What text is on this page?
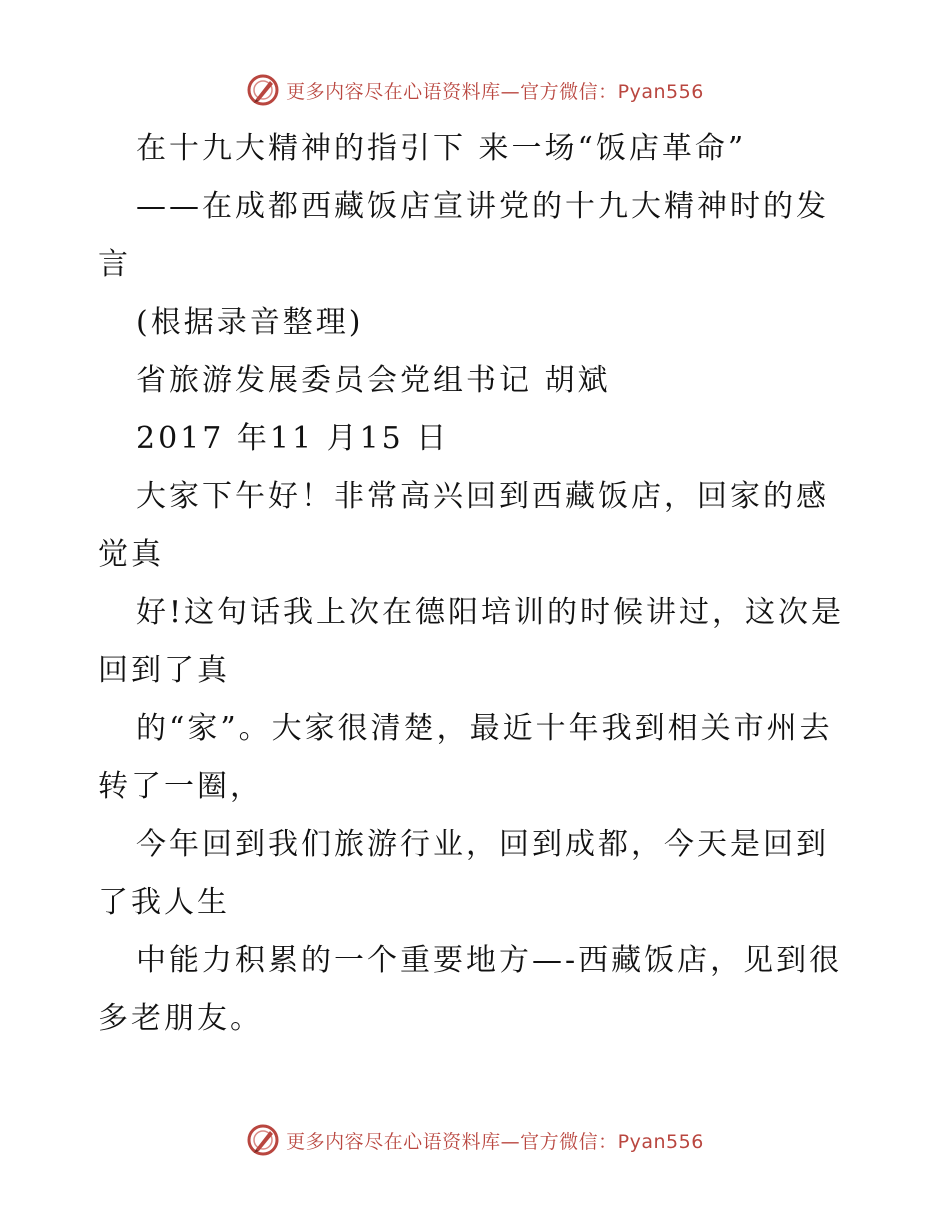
更多内容尽在心语资料库—官方微信：Pyan556

在十九大精神的指引下 来一场“饭店革命”

——在成都西藏饭店宣讲党的十九大精神时的发言

(根据录音整理)

省旅游发展委员会党组书记 胡斌

2017 年11 月15 日

大家下午好！非常高兴回到西藏饭店，回家的感觉真

好!这句话我上次在德阳培训的时候讲过，这次是回到了真

的“家”。大家很清楚，最近十年我到相关市州去转了一圈，

今年回到我们旅游行业，回到成都，今天是回到了我人生

中能力积累的一个重要地方—-西藏饭店，见到很多老朋友。

更多内容尽在心语资料库—官方微信：Pyan556
